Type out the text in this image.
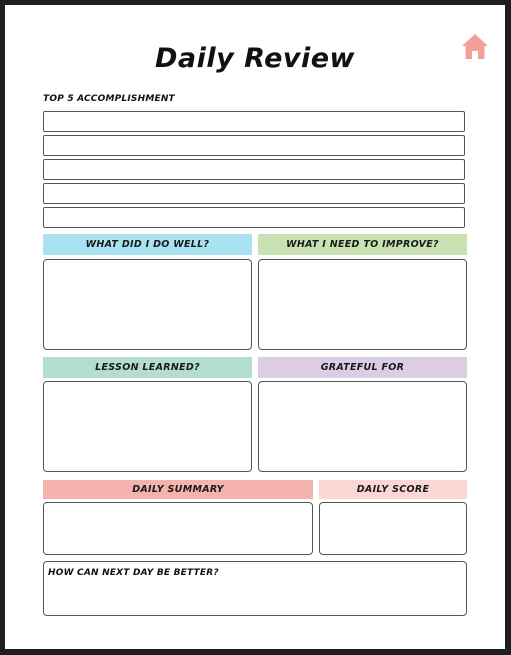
Daily Review
TOP 5 ACCOMPLISHMENT
WHAT DID I DO WELL?	WHAT I NEED TO IMPROVE?
LESSON LEARNED?	GRATEFUL FOR
DAILY SUMMARY	DAILY SCORE
HOW CAN NEXT DAY BE BETTER?
